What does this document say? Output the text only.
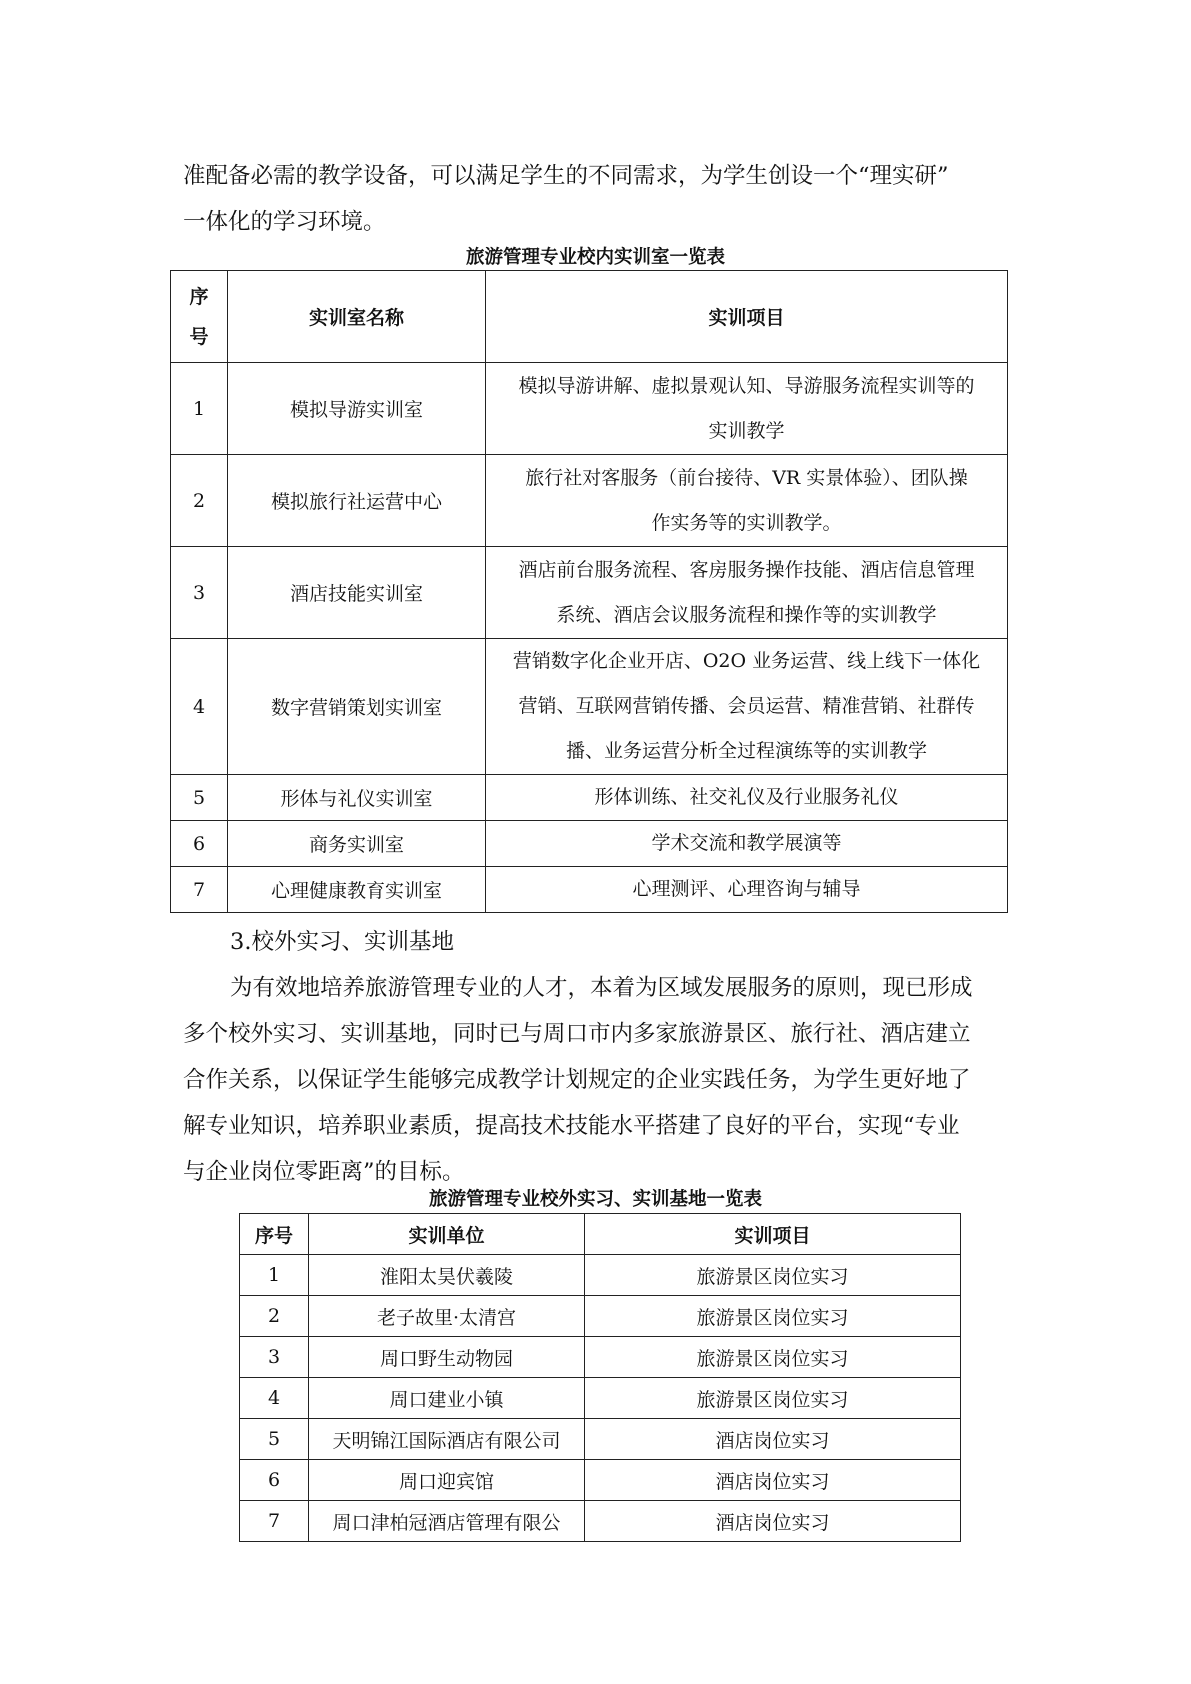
准配备必需的教学设备，可以满足学生的不同需求，为学生创设一个“理实研”

一体化的学习环境。

旅游管理专业校内实训室一览表

序号	实训室名称	实训项目
1	模拟导游实训室	模拟导游讲解、虚拟景观认知、导游服务流程实训等的
实训教学

2	模拟旅行社运营中心	旅行社对客服务（前台接待、VR 实景体验）、团队操
作实务等的实训教学。

3	酒店技能实训室	酒店前台服务流程、客房服务操作技能、酒店信息管理
系统、酒店会议服务流程和操作等的实训教学

4	数字营销策划实训室	营销数字化企业开店、O2O 业务运营、线上线下一体化
营销、互联网营销传播、会员运营、精准营销、社群传
播、业务运营分析全过程演练等的实训教学

5	形体与礼仪实训室	形体训练、社交礼仪及行业服务礼仪

6	商务实训室	学术交流和教学展演等

7	心理健康教育实训室	心理测评、心理咨询与辅导

3.校外实习、实训基地

为有效地培养旅游管理专业的人才，本着为区域发展服务的原则，现已形成

多个校外实习、实训基地，同时已与周口市内多家旅游景区、旅行社、酒店建立

合作关系，以保证学生能够完成教学计划规定的企业实践任务，为学生更好地了

解专业知识，培养职业素质，提高技术技能水平搭建了良好的平台，实现“专业

与企业岗位零距离”的目标。

旅游管理专业校外实习、实训基地一览表

序号	实训单位	实训项目
1	淮阳太昊伏羲陵	旅游景区岗位实习
2	老子故里·太清宫	旅游景区岗位实习
3	周口野生动物园	旅游景区岗位实习
4	周口建业小镇	旅游景区岗位实习
5	天明锦江国际酒店有限公司	酒店岗位实习
6	周口迎宾馆	酒店岗位实习
7	周口津柏冠酒店管理有限公	酒店岗位实习
